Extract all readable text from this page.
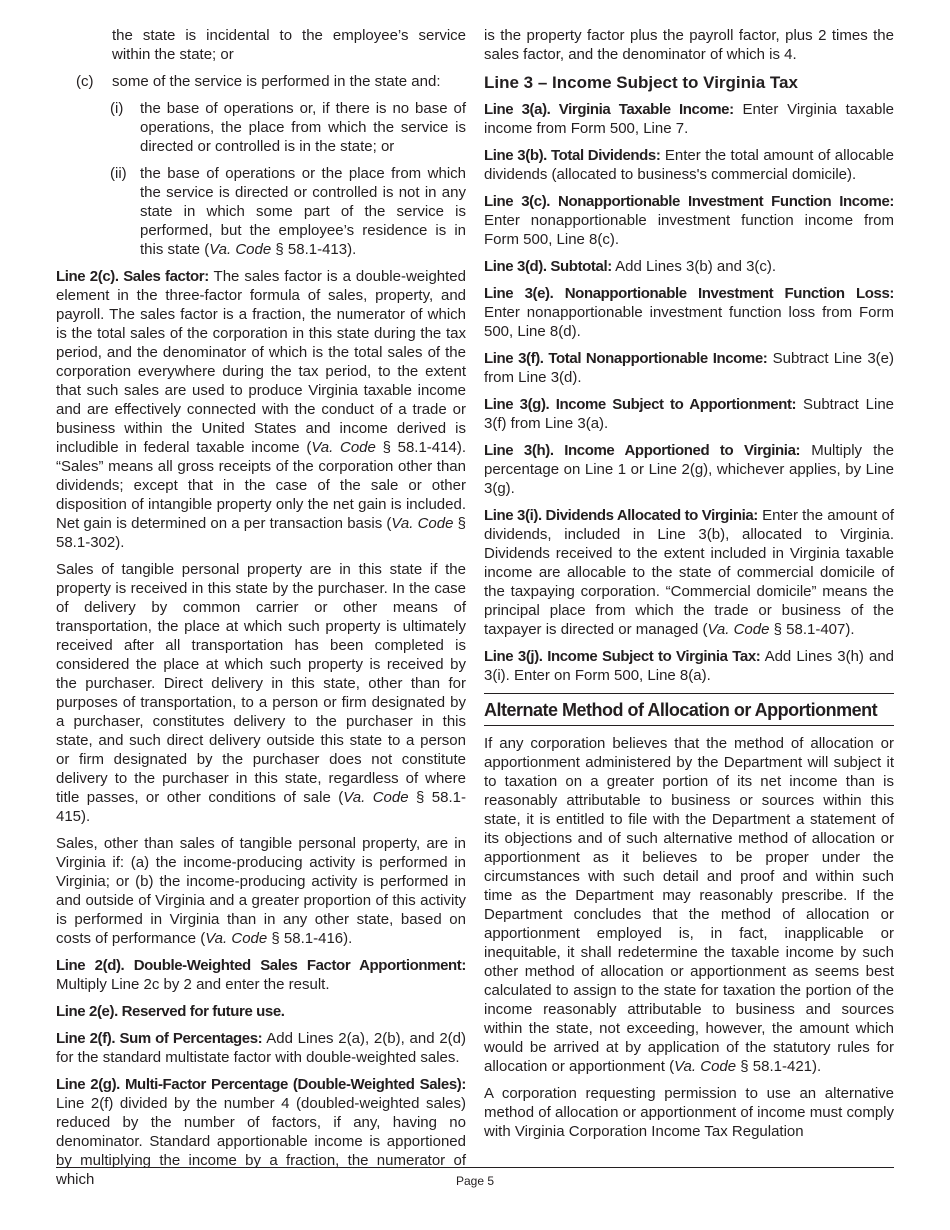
the state is incidental to the employee’s service within the state; or

(c)	some of the service is performed in the state and:
(i)	the base of operations or, if there is no base of operations, the place from which the service is directed or controlled is in the state; or
(ii) the base of operations or the place from which the service is directed or controlled is not in any state in which some part of the service is performed, but the employee’s residence is in this state (Va. Code § 58.1-413).

Line 2(c). Sales factor: The sales factor is a double-weighted element in the three-factor formula of sales, property, and payroll. The sales factor is a fraction, the numerator of which is the total sales of the corporation in this state during the tax period, and the denominator of which is the total sales of the corporation everywhere during the tax period, to the extent that such sales are used to produce Virginia taxable income and are effectively connected with the conduct of a trade or business within the United States and income derived is includible in federal taxable income (Va. Code § 58.1-414). “Sales” means all gross receipts of the corporation other than dividends; except that in the case of the sale or other disposition of intangible property only the net gain is included. Net gain is determined on a per transaction basis (Va. Code § 58.1-302).

Sales of tangible personal property are in this state if the property is received in this state by the purchaser. In the case of delivery by common carrier or other means of transportation, the place at which such property is ultimately received after all transportation has been completed is considered the place at which such property is received by the purchaser. Direct delivery in this state, other than for purposes of transportation, to a person or firm designated by a purchaser, constitutes delivery to the purchaser in this state, and such direct delivery outside this state to a person or firm designated by the purchaser does not constitute delivery to the purchaser in this state, regardless of where title passes, or other conditions of sale (Va. Code § 58.1-415).

Sales, other than sales of tangible personal property, are in Virginia if: (a) the income-producing activity is performed in Virginia; or (b) the income-producing activity is performed in and outside of Virginia and a greater proportion of this activity is performed in Virginia than in any other state, based on costs of performance (Va. Code § 58.1-416).

Line 2(d). Double-Weighted Sales Factor Apportionment: Multiply Line 2c by 2 and enter the result.

Line 2(e). Reserved for future use.

Line 2(f). Sum of Percentages: Add Lines 2(a), 2(b), and 2(d) for the standard multistate factor with double-weighted sales.

Line 2(g). Multi-Factor Percentage (Double-Weighted Sales): Line 2(f) divided by the number 4 (doubled-weighted sales) reduced by the number of factors, if any, having no denominator. Standard apportionable income is apportioned by multiplying the income by a fraction, the numerator of which

is the property factor plus the payroll factor, plus 2 times the sales factor, and the denominator of which is 4.

Line 3 – Income Subject to Virginia Tax

Line 3(a). Virginia Taxable Income: Enter Virginia taxable income from Form 500, Line 7.

Line 3(b). Total Dividends: Enter the total amount of allocable dividends (allocated to business's commercial domicile).

Line 3(c). Nonapportionable Investment Function Income: Enter nonapportionable investment function income from Form 500, Line 8(c).

Line 3(d). Subtotal: Add Lines 3(b) and 3(c).

Line 3(e). Nonapportionable Investment Function Loss: Enter nonapportionable investment function loss from Form 500, Line 8(d).

Line 3(f). Total Nonapportionable Income: Subtract Line 3(e) from Line 3(d).

Line 3(g). Income Subject to Apportionment: Subtract Line 3(f) from Line 3(a).

Line 3(h). Income Apportioned to Virginia: Multiply the percentage on Line 1 or Line 2(g), whichever applies, by Line 3(g).

Line 3(i). Dividends Allocated to Virginia: Enter the amount of dividends, included in Line 3(b), allocated to Virginia. Dividends received to the extent included in Virginia taxable income are allocable to the state of commercial domicile of the taxpaying corporation. “Commercial domicile” means the principal place from which the trade or business of the taxpayer is directed or managed (Va. Code § 58.1-407).

Line 3(j). Income Subject to Virginia Tax: Add Lines 3(h) and 3(i). Enter on Form 500, Line 8(a).

Alternate Method of Allocation or Apportionment

If any corporation believes that the method of allocation or apportionment administered by the Department will subject it to taxation on a greater portion of its net income than is reasonably attributable to business or sources within this state, it is entitled to file with the Department a statement of its objections and of such alternative method of allocation or apportionment as it believes to be proper under the circumstances with such detail and proof and within such time as the Department may reasonably prescribe. If the Department concludes that the method of allocation or apportionment employed is, in fact, inapplicable or inequitable, it shall redetermine the taxable income by such other method of allocation or apportionment as seems best calculated to assign to the state for taxation the portion of the income reasonably attributable to business and sources within the state, not exceeding, however, the amount which would be arrived at by application of the statutory rules for allocation or apportionment (Va. Code § 58.1-421).

A corporation requesting permission to use an alternative method of allocation or apportionment of income must comply with Virginia Corporation Income Tax Regulation

Page 5
